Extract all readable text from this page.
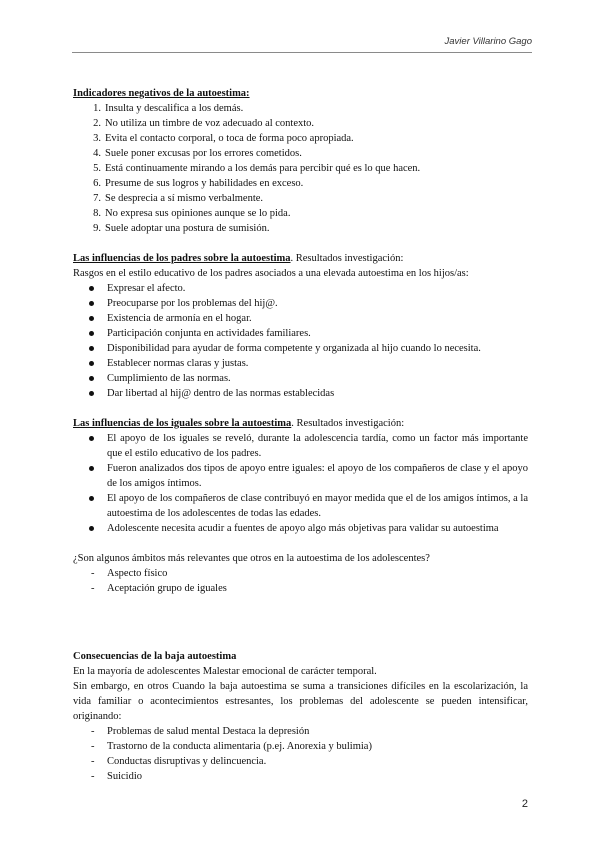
Javier Villarino Gago
Indicadores negativos de la autoestima:
1. Insulta y descalifica a los demás.
2. No utiliza un timbre de voz adecuado al contexto.
3. Evita el contacto corporal, o toca de forma poco apropiada.
4. Suele poner excusas por los errores cometidos.
5. Está continuamente mirando a los demás para percibir qué es lo que hacen.
6. Presume de sus logros y habilidades en exceso.
7. Se desprecia a sí mismo verbalmente.
8. No expresa sus opiniones aunque se lo pida.
9. Suele adoptar una postura de sumisión.
Las influencias de los padres sobre la autoestima. Resultados investigación:
Rasgos en el estilo educativo de los padres asociados a una elevada autoestima en los hijos/as:
Expresar el afecto.
Preocuparse por los problemas del hij@.
Existencia de armonía en el hogar.
Participación conjunta en actividades familiares.
Disponibilidad para ayudar de forma competente y organizada al hijo cuando lo necesita.
Establecer normas claras y justas.
Cumplimiento de las normas.
Dar libertad al hij@ dentro de las normas establecidas
Las influencias de los iguales sobre la autoestima. Resultados investigación:
El apoyo de los iguales se reveló, durante la adolescencia tardía, como un factor más importante que el estilo educativo de los padres.
Fueron analizados dos tipos de apoyo entre iguales: el apoyo de los compañeros de clase y el apoyo de los amigos íntimos.
El apoyo de los compañeros de clase contribuyó en mayor medida que el de los amigos íntimos, a la autoestima de los adolescentes de todas las edades.
Adolescente necesita acudir a fuentes de apoyo algo más objetivas para validar su autoestima
¿Son algunos ámbitos más relevantes que otros en la autoestima de los adolescentes?
- Aspecto físico
- Aceptación grupo de iguales
Consecuencias de la baja autoestima
En la mayoría de adolescentes Malestar emocional de carácter temporal.
Sin embargo, en otros Cuando la baja autoestima se suma a transiciones difíciles en la escolarización, la vida familiar o acontecimientos estresantes, los problemas del adolescente se pueden intensificar, originando:
- Problemas de salud mental Destaca la depresión
- Trastorno de la conducta alimentaria (p.ej. Anorexia y bulimia)
- Conductas disruptivas y delincuencia.
- Suicidio
2
